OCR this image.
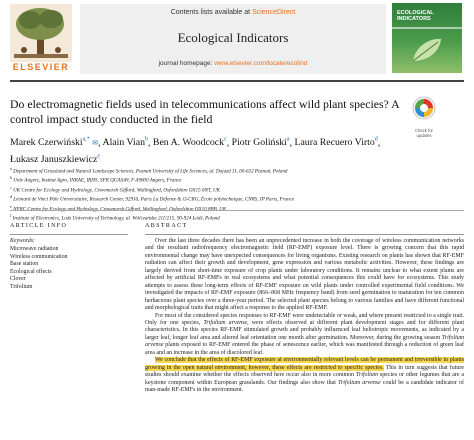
ELSEVIER
Contents lists available at ScienceDirect
Ecological Indicators
journal homepage: www.elsevier.com/locate/ecolind
ECOLOGICAL
INDICATORS
Do electromagnetic fields used in telecommunications affect wild plant species? A control impact study conducted in the field
Check for
updates
Marek Czerwiński$^{a,*}$ ✉, Alain Vian$^b$, Ben A. Woodcock$^c$, Piotr Goliński$^a$, Laura Recuero Virto$^d$,
Łukasz Januszkiewicz$^e$
$^a$ Department of Grassland and Natural Landscape Sciences, Poznań University of Life Sciences, ul. Dojazd 11, 60-632 Poznań, Poland
$^b$ Univ Angers, Institut Agro, INRAE, IRHS, SFR QUASAV, F-49000 Angers, France
$^c$ UK Centre for Ecology and Hydrology, Crowmarsh Gifford, Wallingford, Oxfordshire OX15 6NT, UK
$^d$ Léonard de Vinci Pôle Universitaire, Research Center, 92916, Paris La Défense & i3-CRG, École polytechnique, CNRS, IP Paris, France
$^e$
$^f$ Institute of Electronics, Lodz University of Technology, ul. Wólczańska 211/215, 90-924 Łódź, Poland
ARTICLE INFO
Keywords:
Microwave radiation
Wireless communication
Base station
Ecological effects
Clover
Trifolium
ABSTRACT

Over the last three decades there has been an unprecedented increase in both the coverage of wireless communication networks and the resultant radiofrequency electromagnetic field (RF-EMF) exposure level. There is growing concern that this rapid environmental change may have unexpected consequences for living organisms. Existing research on plants has shown that RF-EMF radiation can affect their growth and development, gene expression and various metabolic activities. However, these findings are largely derived from short-time exposure of crop plants under laboratory conditions. It remains unclear to what extent plants are affected by artificial RF-EMFs in real ecosystems and what potential consequences this could have for ecosystems. This study attempts to assess these long-term effects of RF-EMF exposure on wild plants under controlled experimental field conditions. We investigated the impacts of RF-EMF exposure (866–868 MHz frequency band) from seed germination to maturation for ten common herbaceous plant species over a three-year period. The selected plant species belong to various families and have different functional and morphological traits that might affect a response to the applied RF-EMF.

For most of the considered species responses to RF-EMF were undetectable or weak, and where present restricted to a single trait. Only for one species, Trifolium arvense, were effects observed at different plant development stages and for different plant characteristics. In this species RF-EMF stimulated growth and probably influenced leaf heliotropic movements, as indicated by a larger leaf, longer leaf area and altered leaf orientation one month after germination. Moreover, during the growing season Trifolium arvense plants exposed to RF-EMF entered the phase of senescence earlier, which was manifested through a reduction of green leaf area and an increase in the area of discolored leaf.

We conclude that the effects of RF-EMF exposure at environmentally relevant levels can be permanent and irreversible in plants growing in the open natural environment, however, these effects are restricted to specific species. This in turn suggests that future studies should examine whether the effects observed here occur also in more common Trifolium species or other legumes that are a keystone component within European grasslands. Our findings also show that Trifolium arvense could be a candidate indicator of man-made RF-EMFs in the environment.
